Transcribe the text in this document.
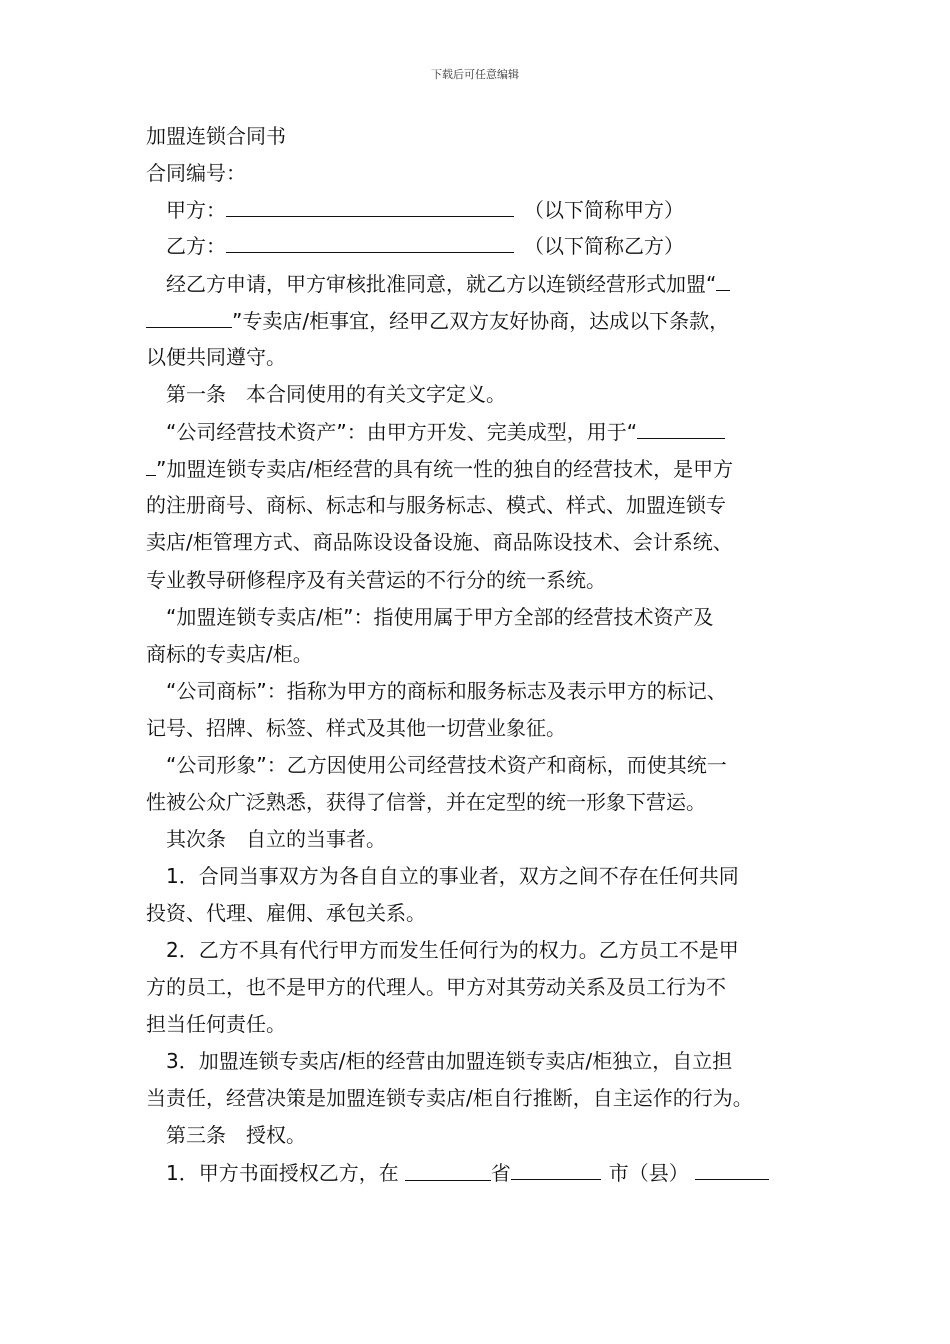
下载后可任意编辑
加盟连锁合同书
合同编号：
甲方：	（以下简称甲方）
乙方：	（以下简称乙方）
经乙方申请，甲方审核批准同意，就乙方以连锁经营形式加盟“
”专卖店/柜事宜，经甲乙双方友好协商，达成以下条款，
以便共同遵守。
第一条　本合同使用的有关文字定义。
“公司经营技术资产”：由甲方开发、完美成型，用于“
”加盟连锁专卖店/柜经营的具有统一性的独自的经营技术，是甲方
的注册商号、商标、标志和与服务标志、模式、样式、加盟连锁专
卖店/柜管理方式、商品陈设设备设施、商品陈设技术、会计系统、
专业教导研修程序及有关营运的不行分的统一系统。
“加盟连锁专卖店/柜”：指使用属于甲方全部的经营技术资产及
商标的专卖店/柜。
“公司商标”：指称为甲方的商标和服务标志及表示甲方的标记、
记号、招牌、标签、样式及其他一切营业象征。
“公司形象”：乙方因使用公司经营技术资产和商标，而使其统一
性被公众广泛熟悉，获得了信誉，并在定型的统一形象下营运。
其次条　自立的当事者。
1．合同当事双方为各自自立的事业者，双方之间不存在任何共同
投资、代理、雇佣、承包关系。
2．乙方不具有代行甲方而发生任何行为的权力。乙方员工不是甲
方的员工，也不是甲方的代理人。甲方对其劳动关系及员工行为不
担当任何责任。
3．加盟连锁专卖店/柜的经营由加盟连锁专卖店/柜独立，自立担
当责任，经营决策是加盟连锁专卖店/柜自行推断，自主运作的行为。
第三条　授权。
1．甲方书面授权乙方，在	省	市（县）
